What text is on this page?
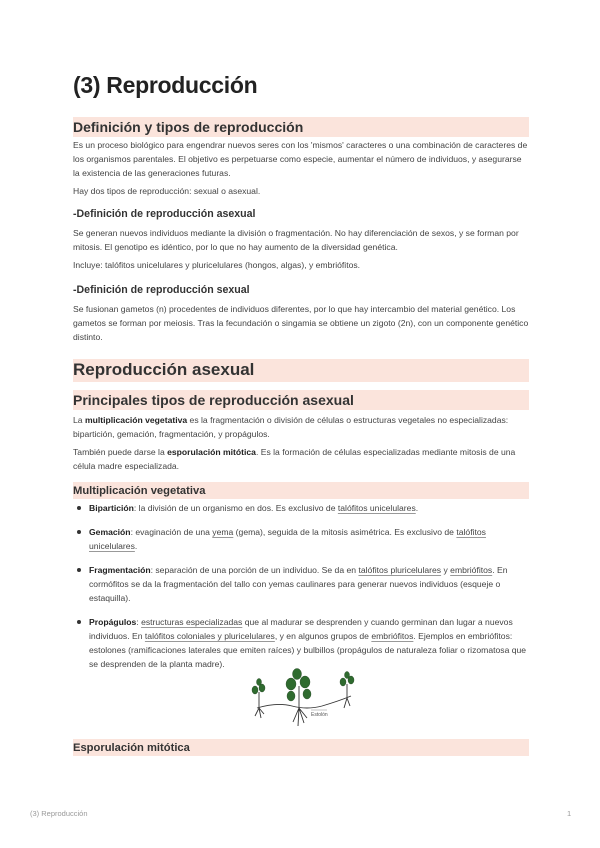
(3) Reproducción
Definición y tipos de reproducción

Es un proceso biológico para engendrar nuevos seres con los 'mismos' caracteres o una combinación de caracteres de los organismos parentales. El objetivo es perpetuarse como especie, aumentar el número de individuos, y asegurarse la existencia de las generaciones futuras.

Hay dos tipos de reproducción: sexual o asexual.

-Definición de reproducción asexual

Se generan nuevos individuos mediante la división o fragmentación. No hay diferenciación de sexos, y se forman por mitosis. El genotipo es idéntico, por lo que no hay aumento de la diversidad genética.

Incluye: talófitos unicelulares y pluricelulares (hongos, algas), y embriófitos.

-Definición de reproducción sexual

Se fusionan gametos (n) procedentes de individuos diferentes, por lo que hay intercambio del material genético. Los gametos se forman por meiosis. Tras la fecundación o singamia se obtiene un zigoto (2n), con un componente genético distinto.

Reproducción asexual
Principales tipos de reproducción asexual

La multiplicación vegetativa es la fragmentación o división de células o estructuras vegetales no especializadas: bipartición, gemación, fragmentación, y propágulos.

También puede darse la esporulación mitótica. Es la formación de células especializadas mediante mitosis de una célula madre especializada.

Multiplicación vegetativa
Bipartición: la división de un organismo en dos. Es exclusivo de talófitos unicelulares.
Gemación: evaginación de una yema (gema), seguida de la mitosis asimétrica. Es exclusivo de talófitos unicelulares.
Fragmentación: separación de una porción de un individuo. Se da en talófitos pluricelulares y embriófitos. En cormófitos se da la fragmentación del tallo con yemas caulinares para generar nuevos individuos (esqueje o estaquilla).
Propágulos: estructuras especializadas que al madurar se desprenden y cuando germinan dan lugar a nuevos individuos. En talófitos coloniales y pluricelulares, y en algunos grupos de embriófitos. Ejemplos en embriófitos: estolones (ramificaciones laterales que emiten raíces) y bulbillos (propágulos de naturaleza foliar o rizomatosa que se desprenden de la planta madre).
Estolón
Esporulación mitótica
(3) Reproducción	1
